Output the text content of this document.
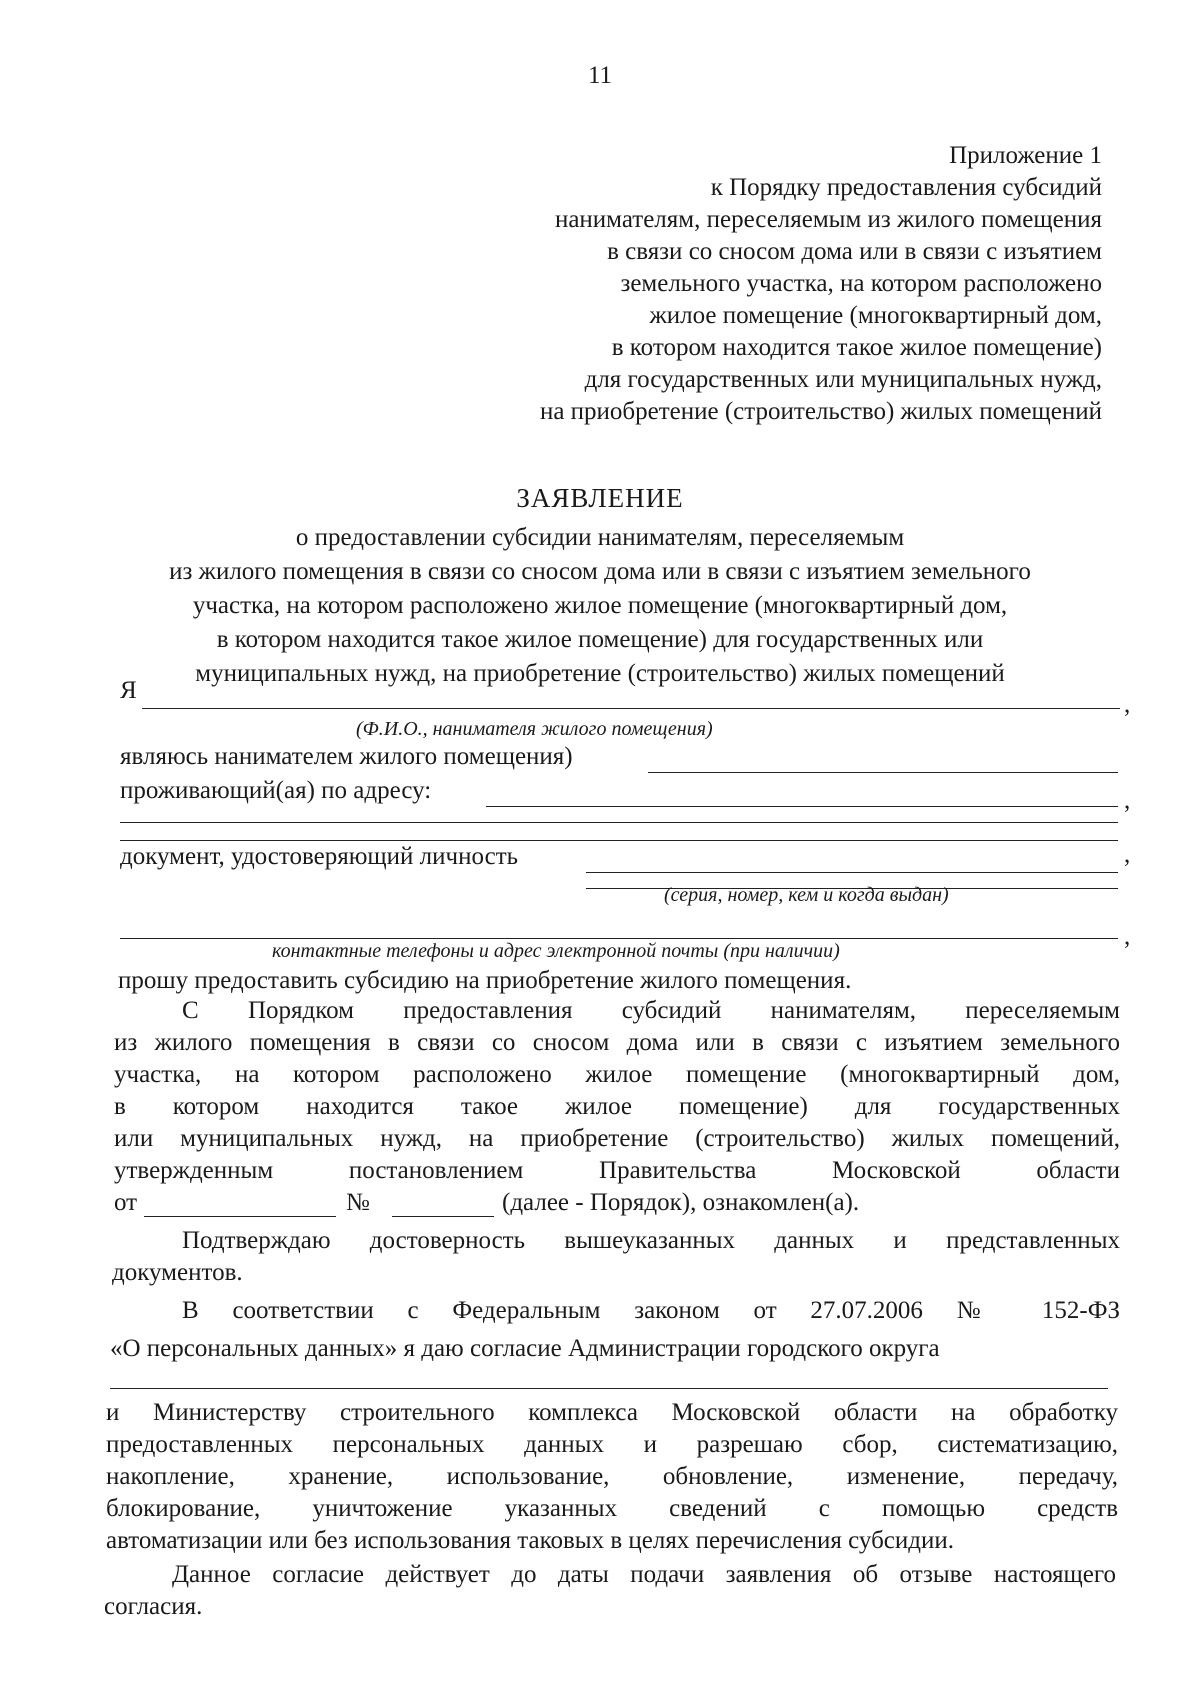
11
Приложение 1
к Порядку предоставления субсидий
нанимателям, переселяемым из жилого помещения
в связи со сносом дома или в связи с изъятием
земельного участка, на котором расположено
жилое помещение (многоквартирный дом,
в котором находится такое жилое помещение)
для государственных или муниципальных нужд,
на приобретение (строительство) жилых помещений
ЗАЯВЛЕНИЕ
о предоставлении субсидии нанимателям, переселяемым
из жилого помещения в связи со сносом дома или в связи с изъятием земельного
участка, на котором расположено жилое помещение (многоквартирный дом,
в котором находится такое жилое помещение) для государственных или
муниципальных нужд, на приобретение (строительство) жилых помещений
Я
,
(Ф.И.О., нанимателя жилого помещения)
являюсь нанимателем жилого помещения)
проживающий(ая) по адресу:	,
документ, удостоверяющий личность	,
(серия, номер, кем и когда выдан)
,
контактные телефоны и адрес электронной почты (при наличии)
прошу предоставить субсидию на приобретение жилого помещения.
С Порядком предоставления субсидий нанимателям, переселяемым
из жилого помещения в связи со сносом дома или в связи с изъятием земельного
участка, на котором расположено жилое помещение (многоквартирный дом,
в котором находится такое жилое помещение) для государственных
или муниципальных нужд, на приобретение (строительство) жилых помещений,
утвержденным постановлением Правительства Московской области
от	№	(далее - Порядок), ознакомлен(а).
Подтверждаю достоверность вышеуказанных данных и представленных
документов.
В соответствии с Федеральным законом от 27.07.2006 № 152-ФЗ
«О персональных данных» я даю согласие Администрации городского округа
и Министерству строительного комплекса Московской области на обработку
предоставленных персональных данных и разрешаю сбор, систематизацию,
накопление, хранение, использование, обновление, изменение, передачу,
блокирование, уничтожение указанных сведений с помощью средств
автоматизации или без использования таковых в целях перечисления субсидии.
Данное согласие действует до даты подачи заявления об отзыве настоящего
согласия.
